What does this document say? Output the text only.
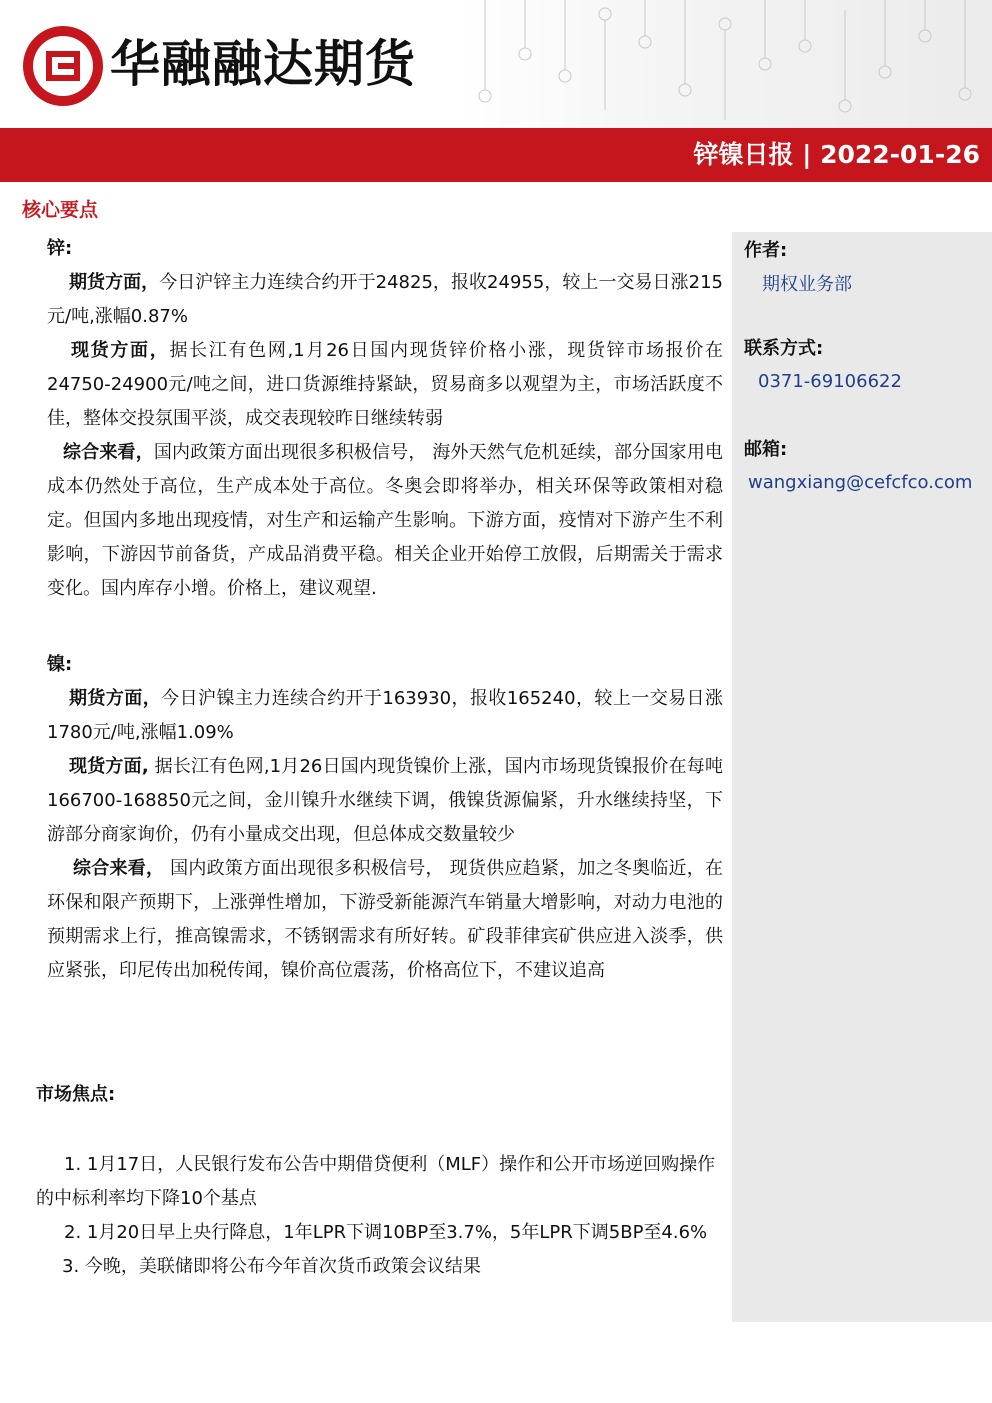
华融融达期货
锌镍日报 | 2022-01-26
核心要点
作者:
期权业务部
联系方式:
0371-69106622
邮箱:
wangxiang@cefcfco.com
锌:

期货方面，今日沪锌主力连续合约开于24825，报收24955，较上一交易日涨215元/吨,涨幅0.87%

现货方面，据长江有色网,1月26日国内现货锌价格小涨，现货锌市场报价在24750-24900元/吨之间，进口货源维持紧缺，贸易商多以观望为主，市场活跃度不佳，整体交投氛围平淡，成交表现较昨日继续转弱

综合来看，国内政策方面出现很多积极信号， 海外天然气危机延续，部分国家用电成本仍然处于高位，生产成本处于高位。冬奥会即将举办，相关环保等政策相对稳定。但国内多地出现疫情，对生产和运输产生影响。下游方面，疫情对下游产生不利影响，下游因节前备货，产成品消费平稳。相关企业开始停工放假，后期需关于需求变化。国内库存小增。价格上，建议观望.

镍:

期货方面，今日沪镍主力连续合约开于163930，报收165240，较上一交易日涨1780元/吨,涨幅1.09%

现货方面, 据长江有色网,1月26日国内现货镍价上涨，国内市场现货镍报价在每吨166700-168850元之间，金川镍升水继续下调，俄镍货源偏紧，升水继续持坚，下游部分商家询价，仍有小量成交出现，但总体成交数量较少

综合来看， 国内政策方面出现很多积极信号， 现货供应趋紧，加之冬奥临近，在环保和限产预期下，上涨弹性增加，下游受新能源汽车销量大增影响，对动力电池的预期需求上行，推高镍需求，不锈钢需求有所好转。矿段菲律宾矿供应进入淡季，供应紧张，印尼传出加税传闻，镍价高位震荡，价格高位下，不建议追高

市场焦点:

1. 1月17日，人民银行发布公告中期借贷便利（MLF）操作和公开市场逆回购操作的中标利率均下降10个基点

2. 1月20日早上央行降息，1年LPR下调10BP至3.7%，5年LPR下调5BP至4.6%

3. 今晚，美联储即将公布今年首次货币政策会议结果
